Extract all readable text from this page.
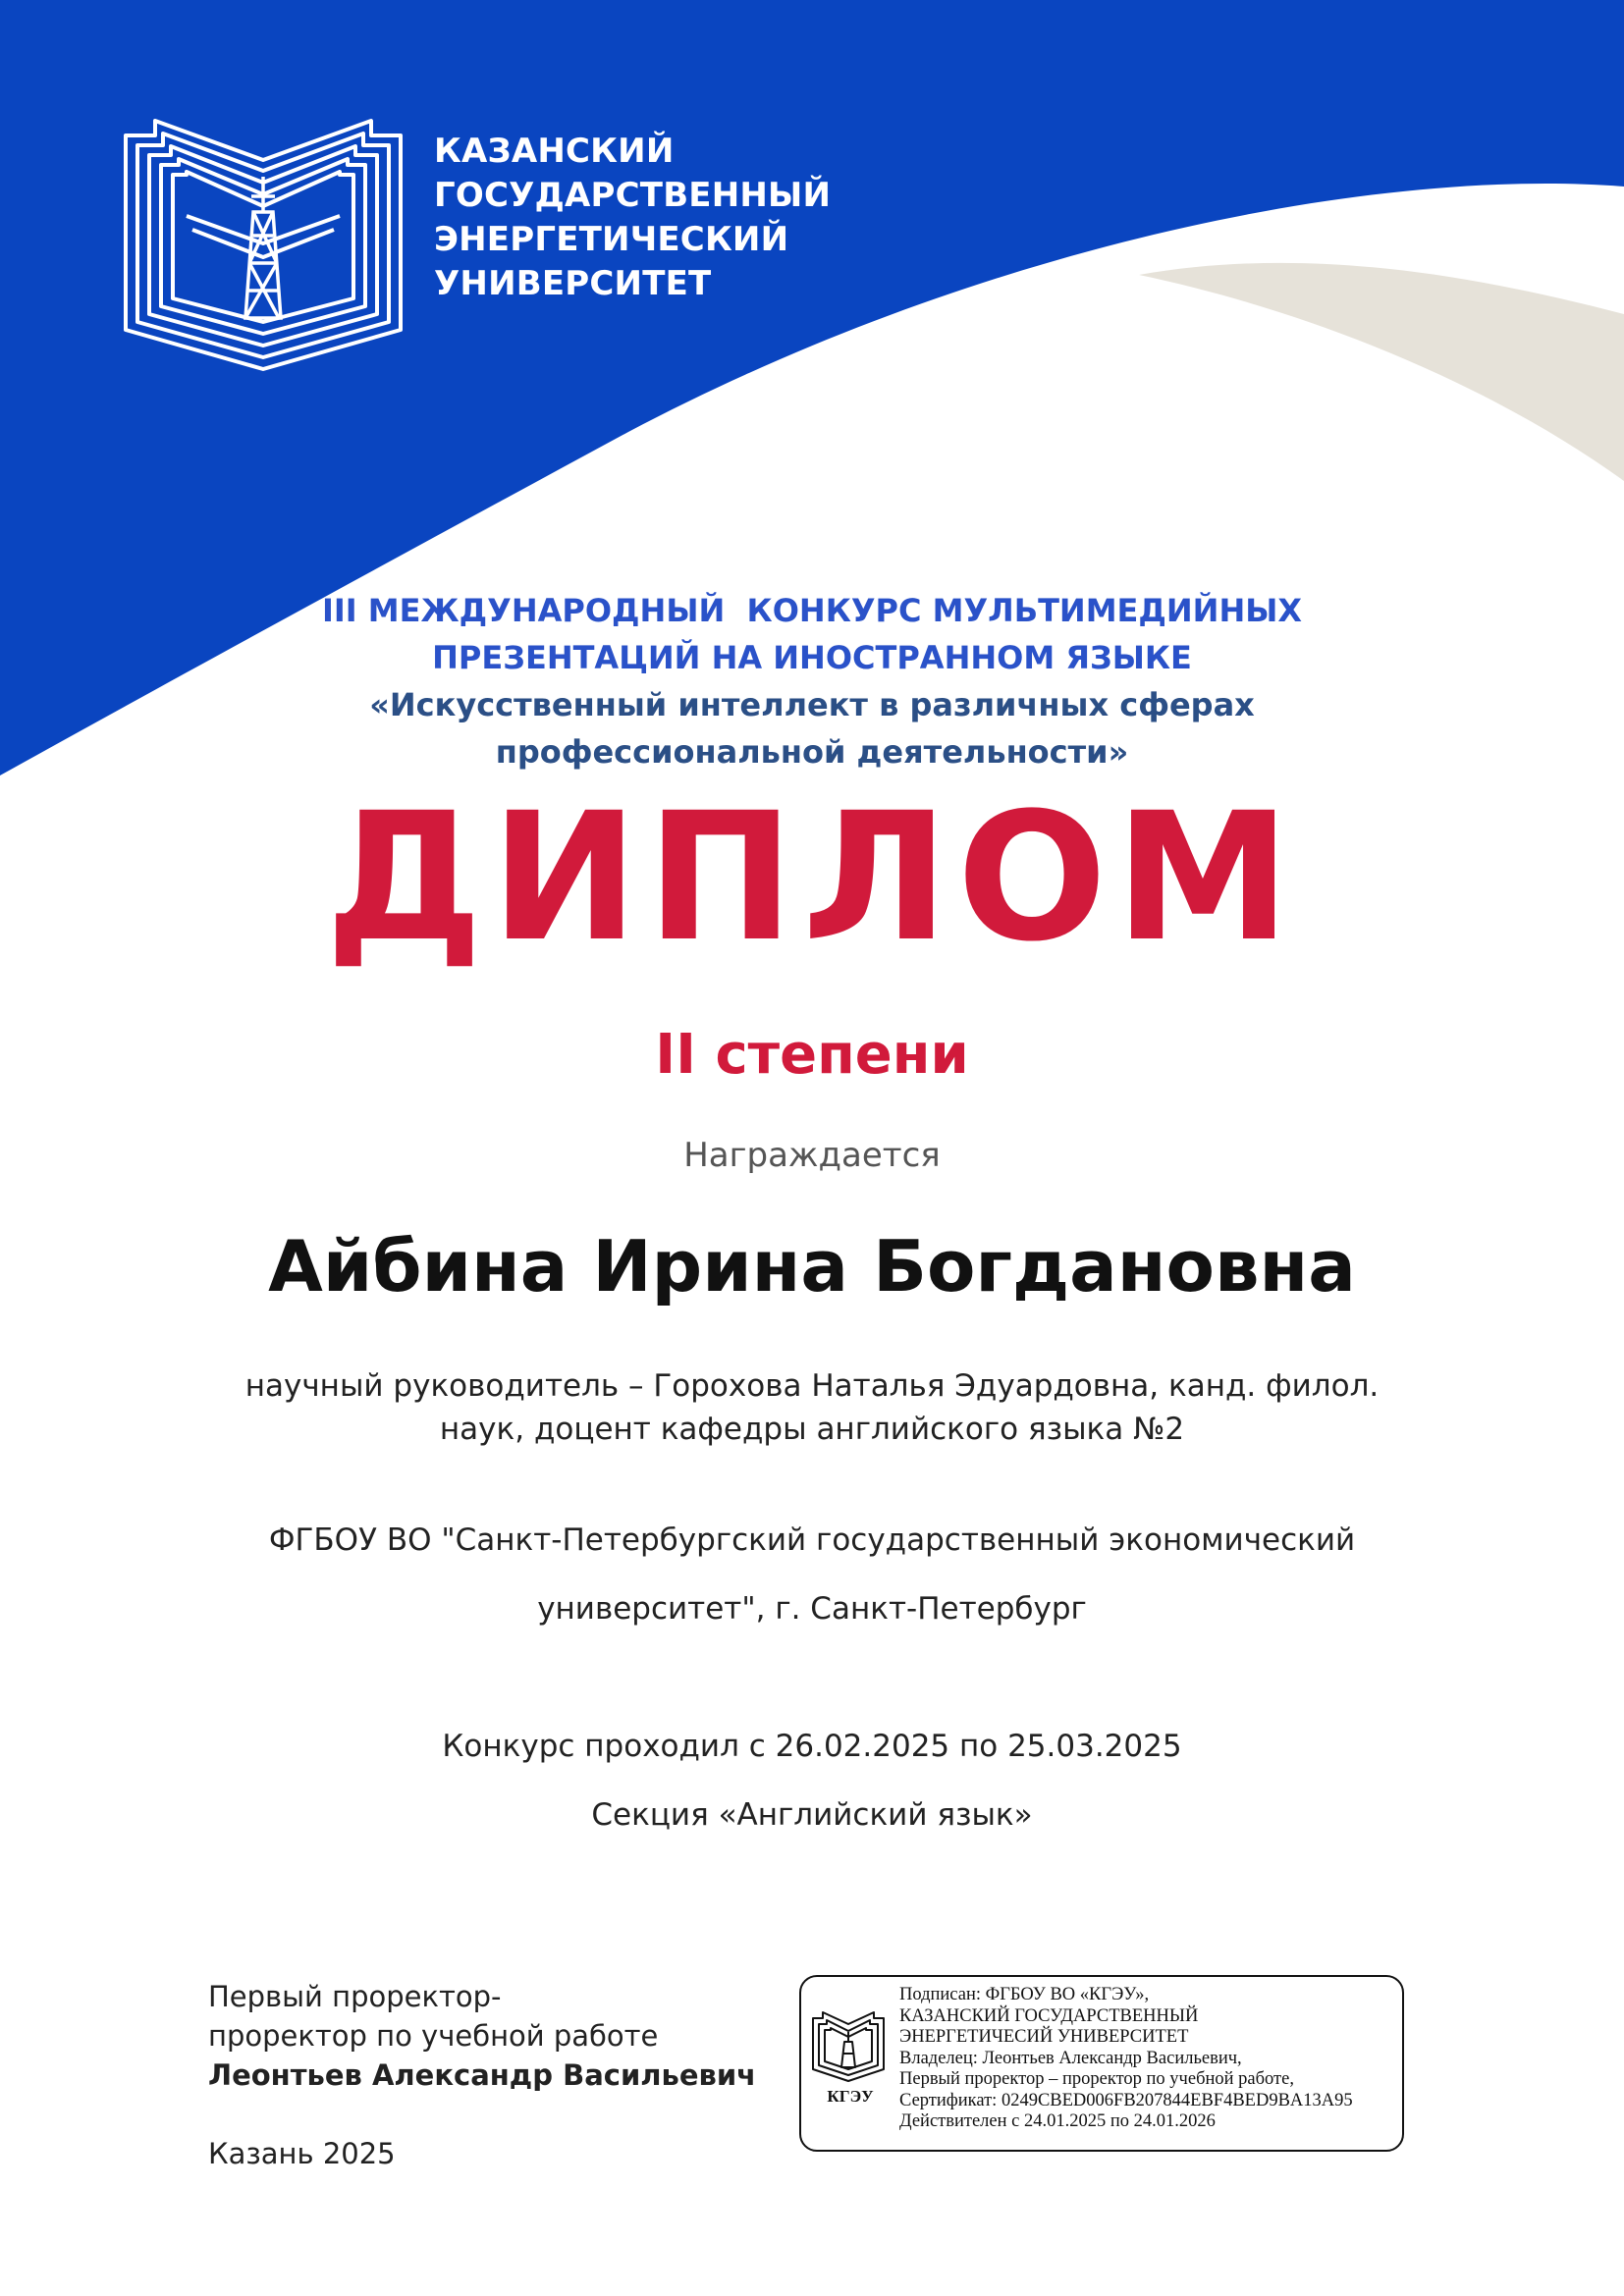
КАЗАНСКИЙ
ГОСУДАРСТВЕННЫЙ
ЭНЕРГЕТИЧЕСКИЙ
УНИВЕРСИТЕТ
III МЕЖДУНАРОДНЫЙ  КОНКУРС МУЛЬТИМЕДИЙНЫХ
ПРЕЗЕНТАЦИЙ НА ИНОСТРАННОМ ЯЗЫКЕ
«Искусственный интеллект в различных сферах
профессиональной деятельности»
ДИПЛОМ
II степени
Награждается
Айбина Ирина Богдановна
научный руководитель – Горохова Наталья Эдуардовна, канд. филол.
наук, доцент кафедры английского языка №2
ФГБОУ ВО "Санкт-Петербургский государственный экономический
университет", г. Санкт-Петербург
Конкурс проходил с 26.02.2025 по 25.03.2025
Секция «Английский язык»
Первый проректор-
проректор по учебной работе
Леонтьев Александр Васильевич
Казань 2025
КГЭУ
Подписан: ФГБОУ ВО «КГЭУ»,
КАЗАНСКИЙ ГОСУДАРСТВЕННЫЙ
ЭНЕРГЕТИЧЕСИЙ УНИВЕРСИТЕТ
Владелец: Леонтьев Александр Васильевич,
Первый проректор – проректор по учебной работе,
Сертификат: 0249CBED006FB207844EBF4BED9BA13A95
Действителен с 24.01.2025 по 24.01.2026
